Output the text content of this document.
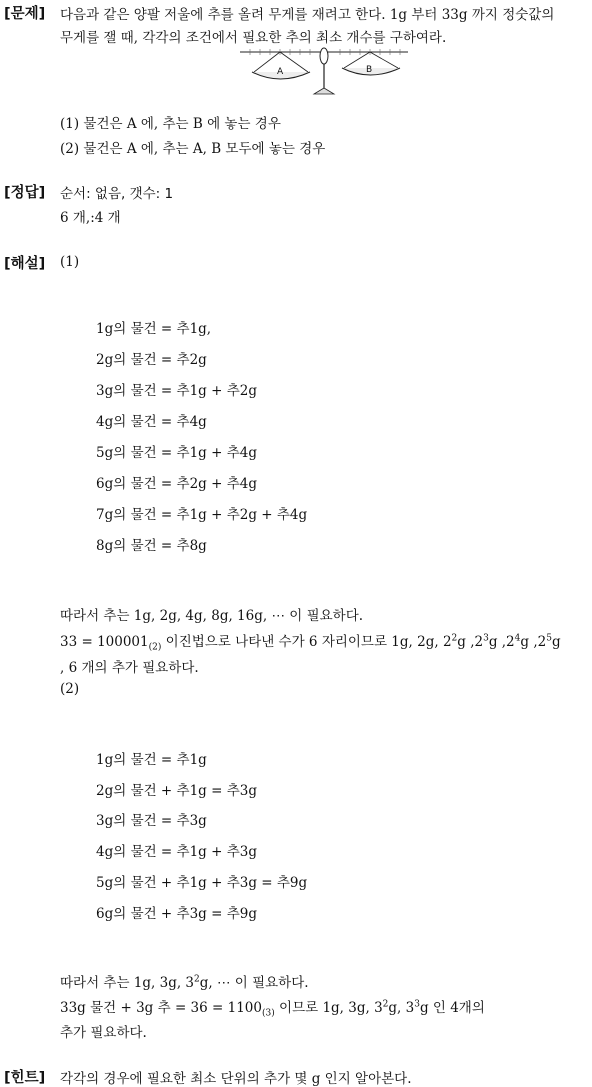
[문제] 다음과 같은 양팔 저울에 추를 올려 무게를 재려고 한다. 1g 부터 33g 까지 정숫값의
무게를 잴 때, 각각의 조건에서 필요한 추의 최소 개수를 구하여라.
A	B
(1) 물건은 A 에, 추는 B 에 놓는 경우
(2) 물건은 A 에, 추는 A, B 모두에 놓는 경우
[정답] 순서: 없음, 갯수: 1
6 개,:4 개
[해설] (1)
1g의 물건 = 추1g,
2g의 물건 = 추2g
3g의 물건 = 추1g + 추2g
4g의 물건 = 추4g
5g의 물건 = 추1g + 추4g
6g의 물건 = 추2g + 추4g
7g의 물건 = 추1g + 추2g + 추4g
8g의 물건 = 추8g
따라서 추는 1g, 2g, 4g, 8g, 16g, ⋯ 이 필요하다.
$33 = 100001_{(2)}$ 이진법으로 나타낸 수가 6 자리이므로 1g, 2g, $2^2g$ $,2^3g$ $,2^4g$ $,2^5g$
, 6 개의 추가 필요하다.
(2)
1g의 물건 = 추1g
2g의 물건 + 추1g = 추3g
3g의 물건 = 추3g
4g의 물건 = 추1g + 추3g
5g의 물건 + 추1g + 추3g = 추9g
6g의 물건 + 추3g = 추9g
따라서 추는 1g, 3g, $3^2g$, ⋯ 이 필요하다.
33g 물건 + 3g 추 = $36 = 1100_{(3)}$ 이므로 1g, 3g, $3^2g$, $3^3g$ 인 4개의
추가 필요하다.
[힌트] 각각의 경우에 필요한 최소 단위의 추가 몇 g 인지 알아본다.
